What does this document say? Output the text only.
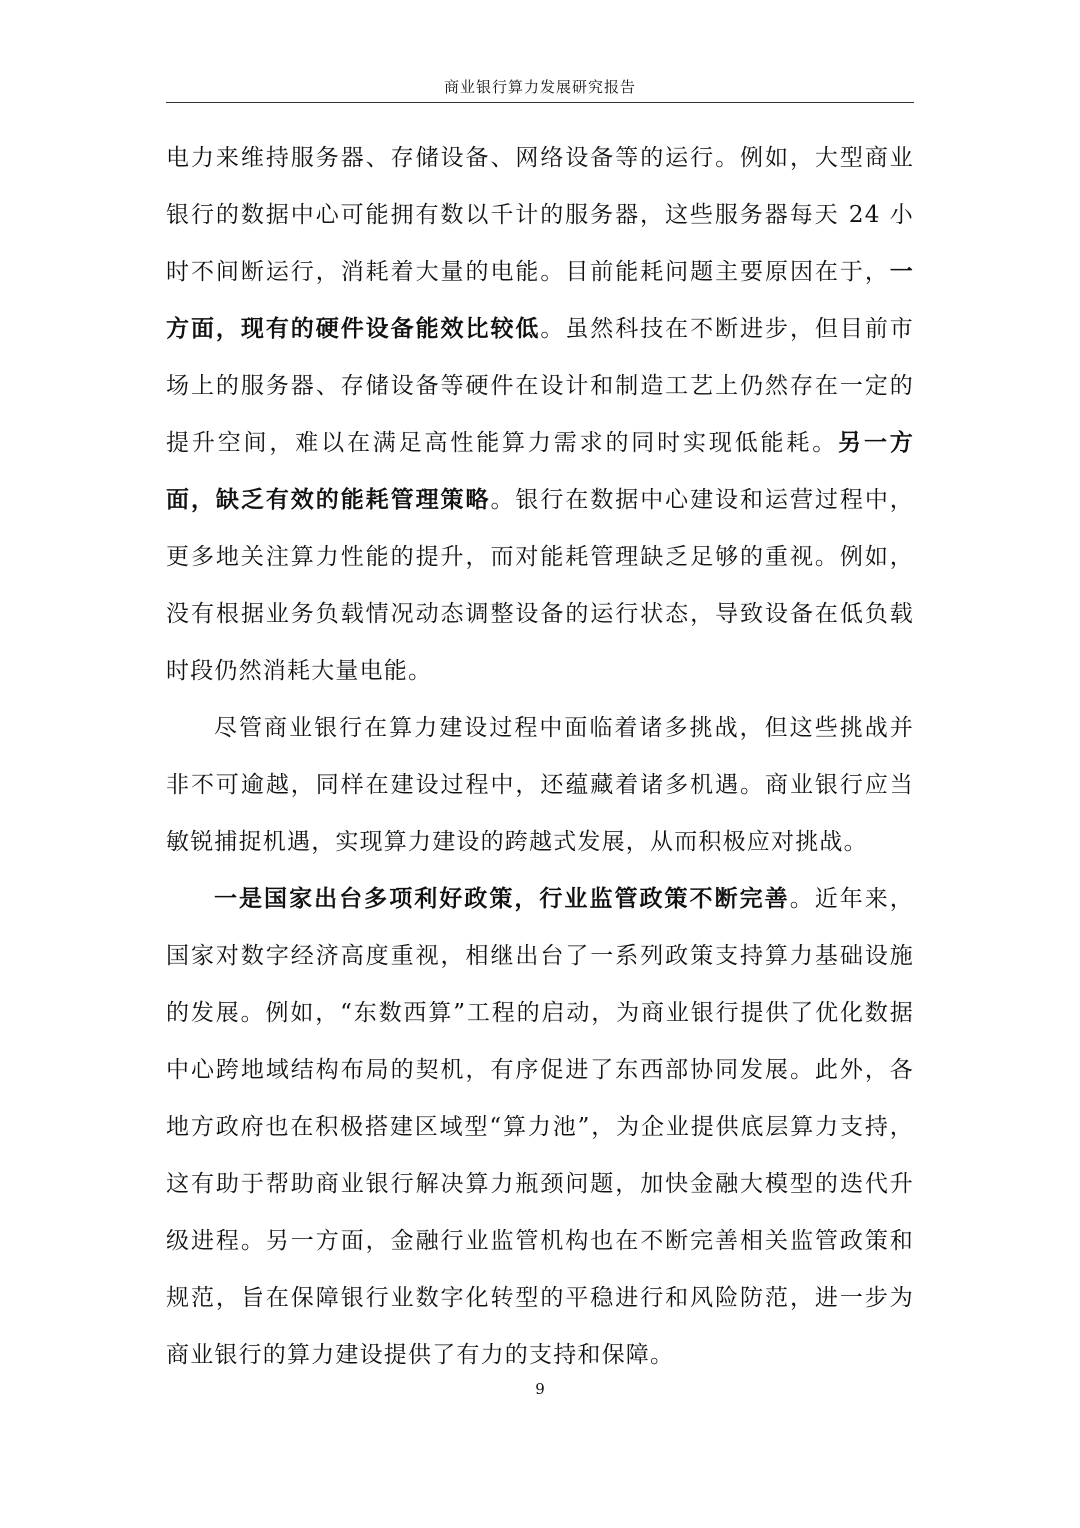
商业银行算力发展研究报告

电力来维持服务器、存储设备、网络设备等的运行。例如，大型商业银行的数据中心可能拥有数以千计的服务器，这些服务器每天 24 小时不间断运行，消耗着大量的电能。目前能耗问题主要原因在于，一方面，现有的硬件设备能效比较低。虽然科技在不断进步，但目前市场上的服务器、存储设备等硬件在设计和制造工艺上仍然存在一定的提升空间，难以在满足高性能算力需求的同时实现低能耗。另一方面，缺乏有效的能耗管理策略。银行在数据中心建设和运营过程中，更多地关注算力性能的提升，而对能耗管理缺乏足够的重视。例如，没有根据业务负载情况动态调整设备的运行状态，导致设备在低负载时段仍然消耗大量电能。

尽管商业银行在算力建设过程中面临着诸多挑战，但这些挑战并非不可逾越，同样在建设过程中，还蕴藏着诸多机遇。商业银行应当敏锐捕捉机遇，实现算力建设的跨越式发展，从而积极应对挑战。

一是国家出台多项利好政策，行业监管政策不断完善。近年来，国家对数字经济高度重视，相继出台了一系列政策支持算力基础设施的发展。例如，“东数西算”工程的启动，为商业银行提供了优化数据中心跨地域结构布局的契机，有序促进了东西部协同发展。此外，各地方政府也在积极搭建区域型“算力池”，为企业提供底层算力支持，这有助于帮助商业银行解决算力瓶颈问题，加快金融大模型的迭代升级进程。另一方面，金融行业监管机构也在不断完善相关监管政策和规范，旨在保障银行业数字化转型的平稳进行和风险防范，进一步为商业银行的算力建设提供了有力的支持和保障。

9
